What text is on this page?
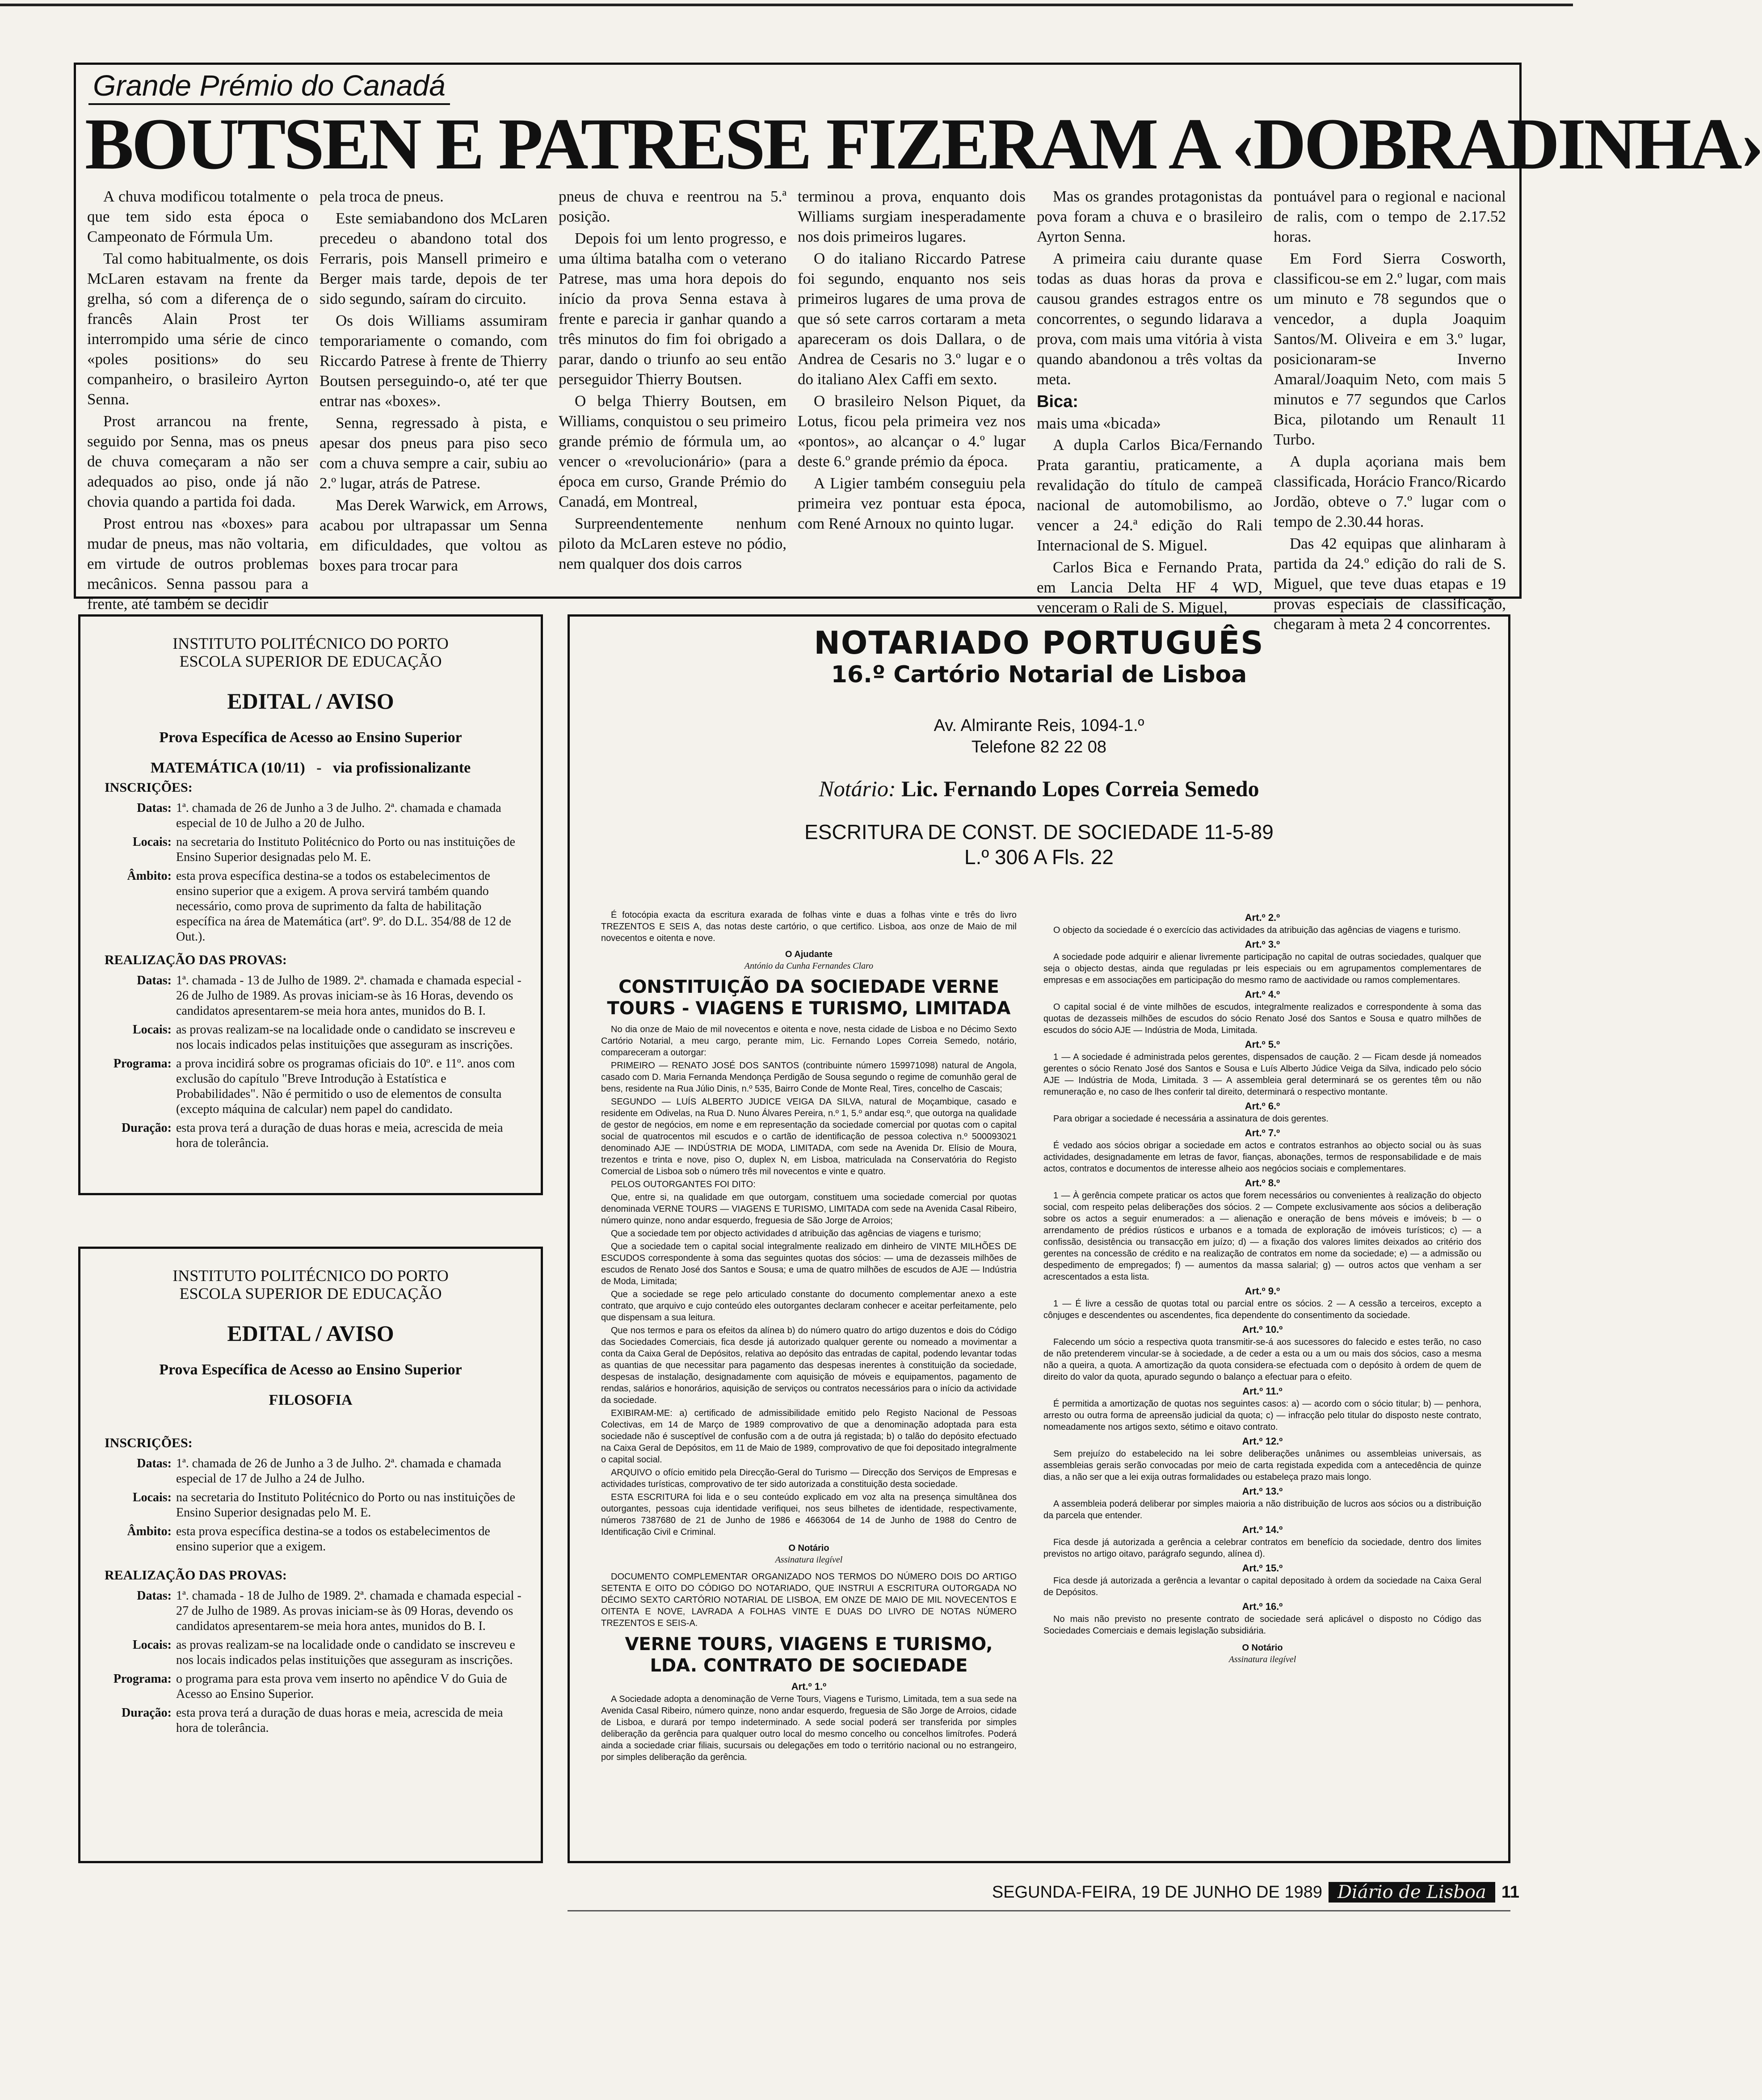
Grande Prémio do Canadá
BOUTSEN E PATRESE FIZERAM A ‹DOBRADINHA›

A chuva modificou totalmente o que tem sido esta época o Campeonato de Fórmula Um.

Tal como habitualmente, os dois McLaren estavam na frente da grelha, só com a diferença de o francês Alain Prost ter interrompido uma série de cinco «poles positions» do seu companheiro, o brasileiro Ayrton Senna.

Prost arrancou na frente, seguido por Senna, mas os pneus de chuva começaram a não ser adequados ao piso, onde já não chovia quando a partida foi dada.

Prost entrou nas «boxes» para mudar de pneus, mas não voltaria, em virtude de outros problemas mecânicos. Senna passou para a frente, até também se decidir

pela troca de pneus.

Este semiabandono dos McLaren precedeu o abandono total dos Ferraris, pois Mansell primeiro e Berger mais tarde, depois de ter sido segundo, saíram do circuito.

Os dois Williams assumiram temporariamente o comando, com Riccardo Patrese à frente de Thierry Boutsen perseguindo-o, até ter que entrar nas «boxes».

Senna, regressado à pista, e apesar dos pneus para piso seco com a chuva sempre a cair, subiu ao 2.º lugar, atrás de Patrese.

Mas Derek Warwick, em Arrows, acabou por ultrapassar um Senna em dificuldades, que voltou as boxes para trocar para

pneus de chuva e reentrou na 5.ª posição.

Depois foi um lento progresso, e uma última batalha com o veterano Patrese, mas uma hora depois do início da prova Senna estava à frente e parecia ir ganhar quando a três minutos do fim foi obrigado a parar, dando o triunfo ao seu então perseguidor Thierry Boutsen.

O belga Thierry Boutsen, em Williams, conquistou o seu primeiro grande prémio de fórmula um, ao vencer o «revolucionário» (para a época em curso, Grande Prémio do Canadá, em Montreal,

Surpreendentemente nenhum piloto da McLaren esteve no pódio, nem qualquer dos dois carros

terminou a prova, enquanto dois Williams surgiam inesperadamente nos dois primeiros lugares.

O do italiano Riccardo Patrese foi segundo, enquanto nos seis primeiros lugares de uma prova de que só sete carros cortaram a meta apareceram os dois Dallara, o de Andrea de Cesaris no 3.º lugar e o do italiano Alex Caffi em sexto.

O brasileiro Nelson Piquet, da Lotus, ficou pela primeira vez nos «pontos», ao alcançar o 4.º lugar deste 6.º grande prémio da época.

A Ligier também conseguiu pela primeira vez pontuar esta época, com René Arnoux no quinto lugar.

Mas os grandes protagonistas da pova foram a chuva e o brasileiro Ayrton Senna.

A primeira caiu durante quase todas as duas horas da prova e causou grandes estragos entre os concorrentes, o segundo lidarava a prova, com mais uma vitória à vista quando abandonou a três voltas da meta.

Bica:

mais uma «bicada»

A dupla Carlos Bica/Fernando Prata garantiu, praticamente, a revalidação do título de campeã nacional de automobilismo, ao vencer a 24.ª edição do Rali Internacional de S. Miguel.

Carlos Bica e Fernando Prata, em Lancia Delta HF 4 WD, venceram o Rali de S. Miguel,

pontuável para o regional e nacional de ralis, com o tempo de 2.17.52 horas.

Em Ford Sierra Cosworth, classificou-se em 2.º lugar, com mais um minuto e 78 segundos que o vencedor, a dupla Joaquim Santos/M. Oliveira e em 3.º lugar, posicionaram-se Inverno Amaral/Joaquim Neto, com mais 5 minutos e 77 segundos que Carlos Bica, pilotando um Renault 11 Turbo.

A dupla açoriana mais bem classificada, Horácio Franco/Ricardo Jordão, obteve o 7.º lugar com o tempo de 2.30.44 horas.

Das 42 equipas que alinharam à partida da 24.º edição do rali de S. Miguel, que teve duas etapas e 19 provas especiais de classificação, chegaram à meta 2 4 concorrentes.

INSTITUTO POLITÉCNICO DO PORTO
ESCOLA SUPERIOR DE EDUCAÇÃO
EDITAL / AVISO
Prova Específica de Acesso ao Ensino Superior
MATEMÁTICA (10/11)   -   via profissionalizante
INSCRIÇÕES:
Datas: 1ª. chamada de 26 de Junho a 3 de Julho. 2ª. chamada e chamada especial de 10 de Julho a 20 de Julho.
Locais: na secretaria do Instituto Politécnico do Porto ou nas instituições de Ensino Superior designadas pelo M. E.
Âmbito: esta prova específica destina-se a todos os estabelecimentos de ensino superior que a exigem. A prova servirá também quando necessário, como prova de suprimento da falta de habilitação específica na área de Matemática (artº. 9º. do D.L. 354/88 de 12 de Out.).
REALIZAÇÃO DAS PROVAS:
Datas: 1ª. chamada - 13 de Julho de 1989. 2ª. chamada e chamada especial - 26 de Julho de 1989. As provas iniciam-se às 16 Horas, devendo os candidatos apresentarem-se meia hora antes, munidos do B. I.
Locais: as provas realizam-se na localidade onde o candidato se inscreveu e nos locais indicados pelas instituições que asseguram as inscrições.
Programa: a prova incidirá sobre os programas oficiais do 10º. e 11º. anos com exclusão do capítulo "Breve Introdução à Estatística e Probabilidades". Não é permitido o uso de elementos de consulta (excepto máquina de calcular) nem papel do candidato.
Duração: esta prova terá a duração de duas horas e meia, acrescida de meia hora de tolerância.
INSTITUTO POLITÉCNICO DO PORTO
ESCOLA SUPERIOR DE EDUCAÇÃO
EDITAL / AVISO
Prova Específica de Acesso ao Ensino Superior
FILOSOFIA
INSCRIÇÕES:
Datas: 1ª. chamada de 26 de Junho a 3 de Julho. 2ª. chamada e chamada especial de 17 de Julho a 24 de Julho.
Locais: na secretaria do Instituto Politécnico do Porto ou nas instituições de Ensino Superior designadas pelo M. E.
Âmbito: esta prova específica destina-se a todos os estabelecimentos de ensino superior que a exigem.
REALIZAÇÃO DAS PROVAS:
Datas: 1ª. chamada - 18 de Julho de 1989. 2ª. chamada e chamada especial - 27 de Julho de 1989. As provas iniciam-se às 09 Horas, devendo os candidatos apresentarem-se meia hora antes, munidos do B. I.
Locais: as provas realizam-se na localidade onde o candidato se inscreveu e nos locais indicados pelas instituições que asseguram as inscrições.
Programa: o programa para esta prova vem inserto no apêndice V do Guia de Acesso ao Ensino Superior.
Duração: esta prova terá a duração de duas horas e meia, acrescida de meia hora de tolerância.
NOTARIADO PORTUGUÊS
16.º Cartório Notarial de Lisboa
Av. Almirante Reis, 1094-1.º
Telefone 82 22 08
Notário: Lic. Fernando Lopes Correia Semedo
ESCRITURA DE CONST. DE SOCIEDADE 11-5-89
L.º 306 A Fls. 22

É fotocópia exacta da escritura exarada de folhas vinte e duas a folhas vinte e três do livro TREZENTOS E SEIS A, das notas deste cartório, o que certifico. Lisboa, aos onze de Maio de mil novecentos e oitenta e nove.

O Ajudante
António da Cunha Fernandes Claro
CONSTITUIÇÃO DA SOCIEDADE VERNE TOURS - VIAGENS E TURISMO, LIMITADA

No dia onze de Maio de mil novecentos e oitenta e nove, nesta cidade de Lisboa e no Décimo Sexto Cartório Notarial, a meu cargo, perante mim, Lic. Fernando Lopes Correia Semedo, notário, compareceram a outorgar:

PRIMEIRO — RENATO JOSÉ DOS SANTOS (contribuinte número 159971098) natural de Angola, casado com D. Maria Fernanda Mendonça Perdigão de Sousa segundo o regime de comunhão geral de bens, residente na Rua Júlio Dinis, n.º 535, Bairro Conde de Monte Real, Tires, concelho de Cascais;

SEGUNDO — LUÍS ALBERTO JUDICE VEIGA DA SILVA, natural de Moçambique, casado e residente em Odivelas, na Rua D. Nuno Álvares Pereira, n.º 1, 5.º andar esq.º, que outorga na qualidade de gestor de negócios, em nome e em representação da sociedade comercial por quotas com o capital social de quatrocentos mil escudos e o cartão de identificação de pessoa colectiva n.º 500093021 denominado AJE — INDÚSTRIA DE MODA, LIMITADA, com sede na Avenida Dr. Elísio de Moura, trezentos e trinta e nove, piso O, duplex N, em Lisboa, matriculada na Conservatória do Registo Comercial de Lisboa sob o número três mil novecentos e vinte e quatro.

PELOS OUTORGANTES FOI DITO:

Que, entre si, na qualidade em que outorgam, constituem uma sociedade comercial por quotas denominada VERNE TOURS — VIAGENS E TURISMO, LIMITADA com sede na Avenida Casal Ribeiro, número quinze, nono andar esquerdo, freguesia de São Jorge de Arroios;

Que a sociedade tem por objecto actividades d atribuição das agências de viagens e turismo;

Que a sociedade tem o capital social integralmente realizado em dinheiro de VINTE MILHÕES DE ESCUDOS correspondente à soma das seguintes quotas dos sócios: — uma de dezasseis milhões de escudos de Renato José dos Santos e Sousa; e uma de quatro milhões de escudos de AJE — Indústria de Moda, Limitada;

Que a sociedade se rege pelo articulado constante do documento complementar anexo a este contrato, que arquivo e cujo conteúdo eles outorgantes declaram conhecer e aceitar perfeitamente, pelo que dispensam a sua leitura.

Que nos termos e para os efeitos da alínea b) do número quatro do artigo duzentos e dois do Código das Sociedades Comerciais, fica desde já autorizado qualquer gerente ou nomeado a movimentar a conta da Caixa Geral de Depósitos, relativa ao depósito das entradas de capital, podendo levantar todas as quantias de que necessitar para pagamento das despesas inerentes à constituição da sociedade, despesas de instalação, designadamente com aquisição de móveis e equipamentos, pagamento de rendas, salários e honorários, aquisição de serviços ou contratos necessários para o início da actividade da sociedade.

EXIBIRAM-ME: a) certificado de admissibilidade emitido pelo Registo Nacional de Pessoas Colectivas, em 14 de Março de 1989 comprovativo de que a denominação adoptada para esta sociedade não é susceptível de confusão com a de outra já registada; b) o talão do depósito efectuado na Caixa Geral de Depósitos, em 11 de Maio de 1989, comprovativo de que foi depositado integralmente o capital social.

ARQUIVO o ofício emitido pela Direcção-Geral do Turismo — Direcção dos Serviços de Empresas e actividades turísticas, comprovativo de ter sido autorizada a constituição desta sociedade.

ESTA ESCRITURA foi lida e o seu conteúdo explicado em voz alta na presença simultânea dos outorgantes, pessoas cuja identidade verifiquei, nos seus bilhetes de identidade, respectivamente, números 7387680 de 21 de Junho de 1986 e 4663064 de 14 de Junho de 1988 do Centro de Identificação Civil e Criminal.

O Notário
Assinatura ilegível

DOCUMENTO COMPLEMENTAR ORGANIZADO NOS TERMOS DO NÚMERO DOIS DO ARTIGO SETENTA E OITO DO CÓDIGO DO NOTARIADO, QUE INSTRUI A ESCRITURA OUTORGADA NO DÉCIMO SEXTO CARTÓRIO NOTARIAL DE LISBOA, EM ONZE DE MAIO DE MIL NOVECENTOS E OITENTA E NOVE, LAVRADA A FOLHAS VINTE E DUAS DO LIVRO DE NOTAS NÚMERO TREZENTOS E SEIS-A.

VERNE TOURS, VIAGENS E TURISMO, LDA. CONTRATO DE SOCIEDADE
Art.º 1.º

A Sociedade adopta a denominação de Verne Tours, Viagens e Turismo, Limitada, tem a sua sede na Avenida Casal Ribeiro, número quinze, nono andar esquerdo, freguesia de São Jorge de Arroios, cidade de Lisboa, e durará por tempo indeterminado. A sede social poderá ser transferida por simples deliberação da gerência para qualquer outro local do mesmo concelho ou concelhos limítrofes. Poderá ainda a sociedade criar filiais, sucursais ou delegações em todo o território nacional ou no estrangeiro, por simples deliberação da gerência.

Art.º 2.º

O objecto da sociedade é o exercício das actividades da atribuição das agências de viagens e turismo.

Art.º 3.º

A sociedade pode adquirir e alienar livremente participação no capital de outras sociedades, qualquer que seja o objecto destas, ainda que reguladas pr leis especiais ou em agrupamentos complementares de empresas e em associações em participação do mesmo ramo de aactividade ou ramos complementares.

Art.º 4.º

O capital social é de vinte milhões de escudos, integralmente realizados e correspondente à soma das quotas de dezasseis milhões de escudos do sócio Renato José dos Santos e Sousa e quatro milhões de escudos do sócio AJE — Indústria de Moda, Limitada.

Art.º 5.º

1 — A sociedade é administrada pelos gerentes, dispensados de caução. 2 — Ficam desde já nomeados gerentes o sócio Renato José dos Santos e Sousa e Luís Alberto Júdice Veiga da Silva, indicado pelo sócio AJE — Indústria de Moda, Limitada. 3 — A assembleia geral determinará se os gerentes têm ou não remuneração e, no caso de lhes conferir tal direito, determinará o respectivo montante.

Art.º 6.º

Para obrigar a sociedade é necessária a assinatura de dois gerentes.

Art.º 7.º

É vedado aos sócios obrigar a sociedade em actos e contratos estranhos ao objecto social ou às suas actividades, designadamente em letras de favor, fianças, abonações, termos de responsabilidade e de mais actos, contratos e documentos de interesse alheio aos negócios sociais e complementares.

Art.º 8.º

1 — À gerência compete praticar os actos que forem necessários ou convenientes à realização do objecto social, com respeito pelas deliberações dos sócios. 2 — Compete exclusivamente aos sócios a deliberação sobre os actos a seguir enumerados: a — alienação e oneração de bens móveis e imóveis; b — o arrendamento de prédios rústicos e urbanos e a tomada de exploração de imóveis turísticos; c) — a confissão, desistência ou transacção em juízo; d) — a fixação dos valores limites deixados ao critério dos gerentes na concessão de crédito e na realização de contratos em nome da sociedade; e) — a admissão ou despedimento de empregados; f) — aumentos da massa salarial; g) — outros actos que venham a ser acrescentados a esta lista.

Art.º 9.º

1 — É livre a cessão de quotas total ou parcial entre os sócios. 2 — A cessão a terceiros, excepto a cônjuges e descendentes ou ascendentes, fica dependente do consentimento da sociedade.

Art.º 10.º

Falecendo um sócio a respectiva quota transmitir-se-á aos sucessores do falecido e estes terão, no caso de não pretenderem vincular-se à sociedade, a de ceder a esta ou a um ou mais dos sócios, caso a mesma não a queira, a quota. A amortização da quota considera-se efectuada com o depósito à ordem de quem de direito do valor da quota, apurado segundo o balanço a efectuar para o efeito.

Art.º 11.º

É permitida a amortização de quotas nos seguintes casos: a) — acordo com o sócio titular; b) — penhora, arresto ou outra forma de apreensão judicial da quota; c) — infracção pelo titular do disposto neste contrato, nomeadamente nos artigos sexto, sétimo e oitavo contrato.

Art.º 12.º

Sem prejuízo do estabelecido na lei sobre deliberações unânimes ou assembleias universais, as assembleias gerais serão convocadas por meio de carta registada expedida com a antecedência de quinze dias, a não ser que a lei exija outras formalidades ou estabeleça prazo mais longo.

Art.º 13.º

A assembleia poderá deliberar por simples maioria a não distribuição de lucros aos sócios ou a distribuição da parcela que entender.

Art.º 14.º

Fica desde já autorizada a gerência a celebrar contratos em benefício da sociedade, dentro dos limites previstos no artigo oitavo, parágrafo segundo, alínea d).

Art.º 15.º

Fica desde já autorizada a gerência a levantar o capital depositado à ordem da sociedade na Caixa Geral de Depósitos.

Art.º 16.º

No mais não previsto no presente contrato de sociedade será aplicável o disposto no Código das Sociedades Comerciais e demais legislação subsidiária.

O Notário
Assinatura ilegível
SEGUNDA-FEIRA, 19 DE JUNHO DE 1989 Diário de Lisboa 11
